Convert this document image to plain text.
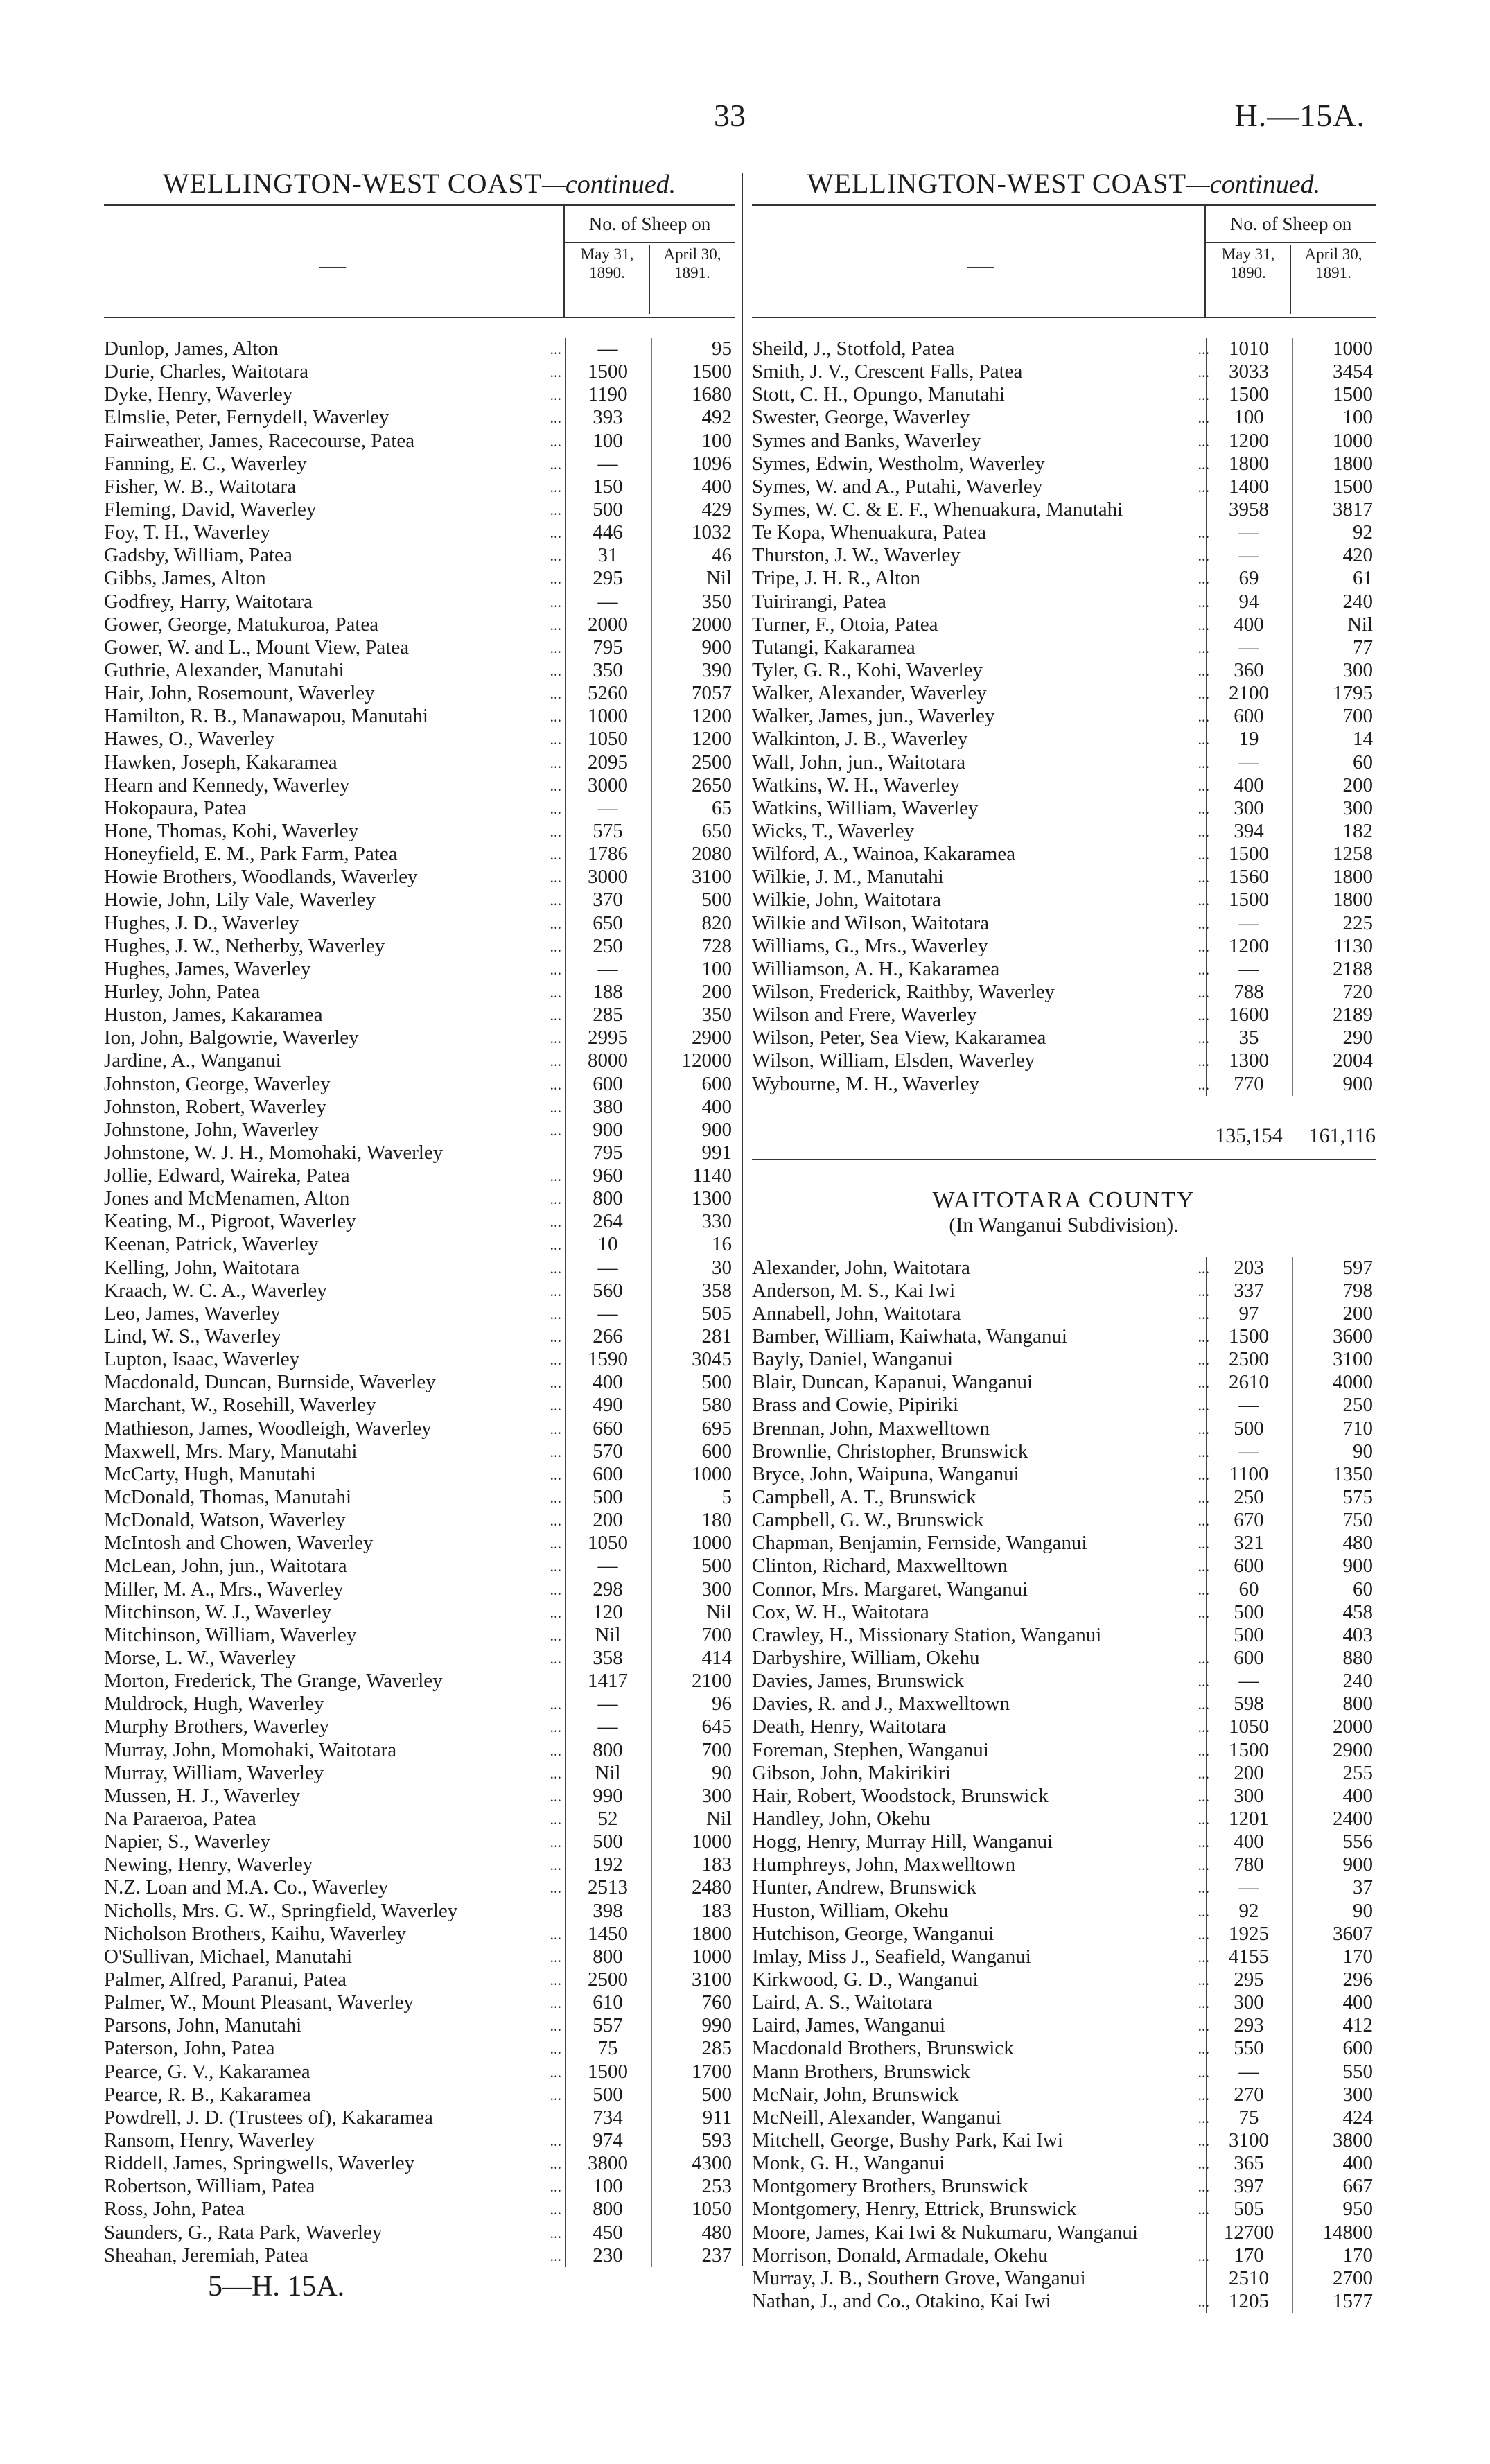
33	H.—15A.
WELLINGTON-WEST COAST—continued.
—
No. of Sheep on
May 31, 1890.
April 30, 1891.
Dunlop, James, Alton	...	—	95
Durie, Charles, Waitotara	...	1500	1500
Dyke, Henry, Waverley	...	1190	1680
Elmslie, Peter, Fernydell, Waverley	...	393	492
Fairweather, James, Racecourse, Patea	...	100	100
Fanning, E. C., Waverley	...	—	1096
Fisher, W. B., Waitotara	...	150	400
Fleming, David, Waverley	...	500	429
Foy, T. H., Waverley	...	446	1032
Gadsby, William, Patea	...	31	46
Gibbs, James, Alton	...	295	Nil
Godfrey, Harry, Waitotara	...	—	350
Gower, George, Matukuroa, Patea	...	2000	2000
Gower, W. and L., Mount View, Patea	...	795	900
Guthrie, Alexander, Manutahi	...	350	390
Hair, John, Rosemount, Waverley	...	5260	7057
Hamilton, R. B., Manawapou, Manutahi	...	1000	1200
Hawes, O., Waverley	...	1050	1200
Hawken, Joseph, Kakaramea	...	2095	2500
Hearn and Kennedy, Waverley	...	3000	2650
Hokopaura, Patea	...	—	65
Hone, Thomas, Kohi, Waverley	...	575	650
Honeyfield, E. M., Park Farm, Patea	...	1786	2080
Howie Brothers, Woodlands, Waverley	...	3000	3100
Howie, John, Lily Vale, Waverley	...	370	500
Hughes, J. D., Waverley	...	650	820
Hughes, J. W., Netherby, Waverley	...	250	728
Hughes, James, Waverley	...	—	100
Hurley, John, Patea	...	188	200
Huston, James, Kakaramea	...	285	350
Ion, John, Balgowrie, Waverley	...	2995	2900
Jardine, A., Wanganui	...	8000	12000
Johnston, George, Waverley	...	600	600
Johnston, Robert, Waverley	...	380	400
Johnstone, John, Waverley	...	900	900
Johnstone, W. J. H., Momohaki, Waverley	795	991
Jollie, Edward, Waireka, Patea	...	960	1140
Jones and McMenamen, Alton	...	800	1300
Keating, M., Pigroot, Waverley	...	264	330
Keenan, Patrick, Waverley	...	10	16
Kelling, John, Waitotara	...	—	30
Kraach, W. C. A., Waverley	...	560	358
Leo, James, Waverley	...	—	505
Lind, W. S., Waverley	...	266	281
Lupton, Isaac, Waverley	...	1590	3045
Macdonald, Duncan, Burnside, Waverley	...	400	500
Marchant, W., Rosehill, Waverley	...	490	580
Mathieson, James, Woodleigh, Waverley	...	660	695
Maxwell, Mrs. Mary, Manutahi	...	570	600
McCarty, Hugh, Manutahi	...	600	1000
McDonald, Thomas, Manutahi	...	500	5
McDonald, Watson, Waverley	...	200	180
McIntosh and Chowen, Waverley	...	1050	1000
McLean, John, jun., Waitotara	...	—	500
Miller, M. A., Mrs., Waverley	...	298	300
Mitchinson, W. J., Waverley	...	120	Nil
Mitchinson, William, Waverley	...	Nil	700
Morse, L. W., Waverley	...	358	414
Morton, Frederick, The Grange, Waverley	1417	2100
Muldrock, Hugh, Waverley	...	—	96
Murphy Brothers, Waverley	...	—	645
Murray, John, Momohaki, Waitotara	...	800	700
Murray, William, Waverley	...	Nil	90
Mussen, H. J., Waverley	...	990	300
Na Paraeroa, Patea	...	52	Nil
Napier, S., Waverley	...	500	1000
Newing, Henry, Waverley	...	192	183
N.Z. Loan and M.A. Co., Waverley	...	2513	2480
Nicholls, Mrs. G. W., Springfield, Waverley	398	183
Nicholson Brothers, Kaihu, Waverley	...	1450	1800
O'Sullivan, Michael, Manutahi	...	800	1000
Palmer, Alfred, Paranui, Patea	...	2500	3100
Palmer, W., Mount Pleasant, Waverley	...	610	760
Parsons, John, Manutahi	...	557	990
Paterson, John, Patea	...	75	285
Pearce, G. V., Kakaramea	...	1500	1700
Pearce, R. B., Kakaramea	...	500	500
Powdrell, J. D. (Trustees of), Kakaramea	734	911
Ransom, Henry, Waverley	...	974	593
Riddell, James, Springwells, Waverley	...	3800	4300
Robertson, William, Patea	...	100	253
Ross, John, Patea	...	800	1050
Saunders, G., Rata Park, Waverley	...	450	480
Sheahan, Jeremiah, Patea	...	230	237
WELLINGTON-WEST COAST—continued.
—
No. of Sheep on
May 31, 1890.
April 30, 1891.
Sheild, J., Stotfold, Patea	... 1010	1000
Smith, J. V., Crescent Falls, Patea	... 3033	3454
Stott, C. H., Opungo, Manutahi	... 1500	1500
Swester, George, Waverley	...	100	100
Symes and Banks, Waverley	... 1200	1000
Symes, Edwin, Westholm, Waverley	... 1800	1800
Symes, W. and A., Putahi, Waverley	... 1400	1500
Symes, W. C. & E. F., Whenuakura, Manutahi	3958	3817
Te Kopa, Whenuakura, Patea	...	—	92
Thurston, J. W., Waverley	...	—	420
Tripe, J. H. R., Alton	...	69	61
Tuirirangi, Patea	...	94	240
Turner, F., Otoia, Patea	...	400	Nil
Tutangi, Kakaramea	...	—	77
Tyler, G. R., Kohi, Waverley	...	360	300
Walker, Alexander, Waverley	... 2100	1795
Walker, James, jun., Waverley	...	600	700
Walkinton, J. B., Waverley	...	19	14
Wall, John, jun., Waitotara	...	—	60
Watkins, W. H., Waverley	...	400	200
Watkins, William, Waverley	...	300	300
Wicks, T., Waverley	...	394	182
Wilford, A., Wainoa, Kakaramea	... 1500	1258
Wilkie, J. M., Manutahi	... 1560	1800
Wilkie, John, Waitotara	... 1500	1800
Wilkie and Wilson, Waitotara	...	—	225
Williams, G., Mrs., Waverley	... 1200	1130
Williamson, A. H., Kakaramea	...	—	2188
Wilson, Frederick, Raithby, Waverley	...	788	720
Wilson and Frere, Waverley	... 1600	2189
Wilson, Peter, Sea View, Kakaramea	...	35	290
Wilson, William, Elsden, Waverley	... 1300	2004
Wybourne, M. H., Waverley	...	770	900
135,154	161,116
WAITOTARA COUNTY
(In Wanganui Subdivision).
Alexander, John, Waitotara	...	203	597
Anderson, M. S., Kai Iwi	...	337	798
Annabell, John, Waitotara	...	97	200
Bamber, William, Kaiwhata, Wanganui	... 1500	3600
Bayly, Daniel, Wanganui	... 2500	3100
Blair, Duncan, Kapanui, Wanganui	... 2610	4000
Brass and Cowie, Pipiriki	...	—	250
Brennan, John, Maxwelltown	...	500	710
Brownlie, Christopher, Brunswick	...	—	90
Bryce, John, Waipuna, Wanganui	... 1100	1350
Campbell, A. T., Brunswick	...	250	575
Campbell, G. W., Brunswick	...	670	750
Chapman, Benjamin, Fernside, Wanganui	...	321	480
Clinton, Richard, Maxwelltown	...	600	900
Connor, Mrs. Margaret, Wanganui	...	60	60
Cox, W. H., Waitotara	...	500	458
Crawley, H., Missionary Station, Wanganui	500	403
Darbyshire, William, Okehu	...	600	880
Davies, James, Brunswick	...	—	240
Davies, R. and J., Maxwelltown	...	598	800
Death, Henry, Waitotara	... 1050	2000
Foreman, Stephen, Wanganui	... 1500	2900
Gibson, John, Makirikiri	...	200	255
Hair, Robert, Woodstock, Brunswick	...	300	400
Handley, John, Okehu	... 1201	2400
Hogg, Henry, Murray Hill, Wanganui	...	400	556
Humphreys, John, Maxwelltown	...	780	900
Hunter, Andrew, Brunswick	...	—	37
Huston, William, Okehu	...	92	90
Hutchison, George, Wanganui	... 1925	3607
Imlay, Miss J., Seafield, Wanganui	... 4155	170
Kirkwood, G. D., Wanganui	...	295	296
Laird, A. S., Waitotara	...	300	400
Laird, James, Wanganui	...	293	412
Macdonald Brothers, Brunswick	...	550	600
Mann Brothers, Brunswick	...	—	550
McNair, John, Brunswick	...	270	300
McNeill, Alexander, Wanganui	...	75	424
Mitchell, George, Bushy Park, Kai Iwi	... 3100	3800
Monk, G. H., Wanganui	...	365	400
Montgomery Brothers, Brunswick	...	397	667
Montgomery, Henry, Ettrick, Brunswick	...	505	950
Moore, James, Kai Iwi & Nukumaru, Wanganui	12700	14800
Morrison, Donald, Armadale, Okehu	...	170	170
Murray, J. B., Southern Grove, Wanganui	2510	2700
Nathan, J., and Co., Otakino, Kai Iwi	... 1205	1577
5—H. 15A.
